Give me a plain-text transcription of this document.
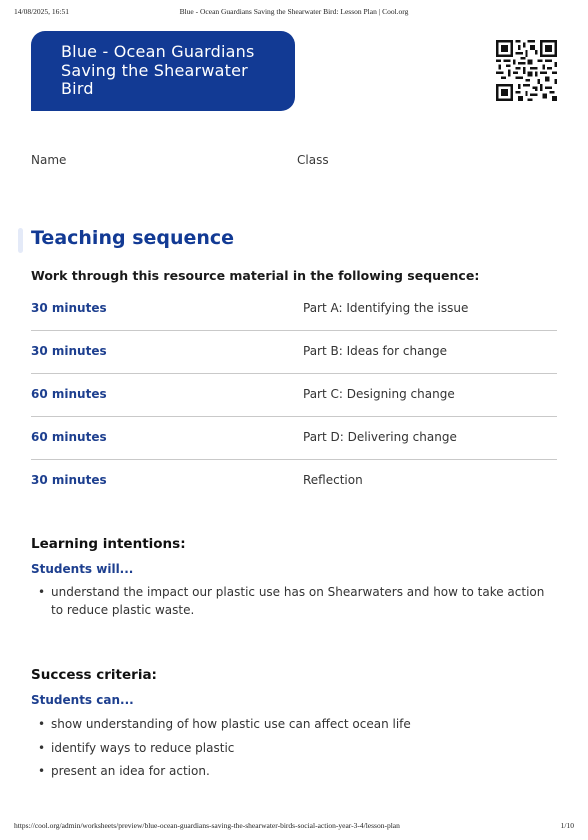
14/08/2025, 16:51	Blue - Ocean Guardians Saving the Shearwater Bird: Lesson Plan | Cool.org
Blue - Ocean Guardians Saving the Shearwater Bird
Name	Class
Teaching sequence
Work through this resource material in the following sequence:
30 minutes	Part A: Identifying the issue
30 minutes	Part B: Ideas for change
60 minutes	Part C: Designing change
60 minutes	Part D: Delivering change
30 minutes	Reflection
Learning intentions:
Students will...
• understand the impact our plastic use has on Shearwaters and how to take action to reduce plastic waste.
Success criteria:
Students can...
• show understanding of how plastic use can affect ocean life
• identify ways to reduce plastic
• present an idea for action.
https://cool.org/admin/worksheets/preview/blue-ocean-guardians-saving-the-shearwater-birds-social-action-year-3-4/lesson-plan	1/10
